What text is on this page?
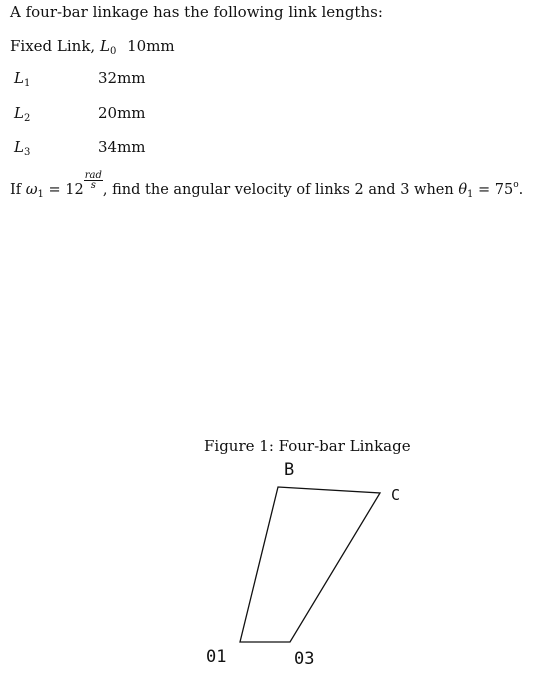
A four-bar linkage has the following link lengths:
Fixed Link, $L_0$ 10mm
$L_1$	32mm
$L_2$	20mm
$L_3$	34mm
If $\omega_1 = 12 \frac{\text{rad}}{s}$ , find the angular velocity of links 2 and 3 when $\theta_1 = 75^o$.
Figure 1: Four-bar Linkage
B
C
01	03
